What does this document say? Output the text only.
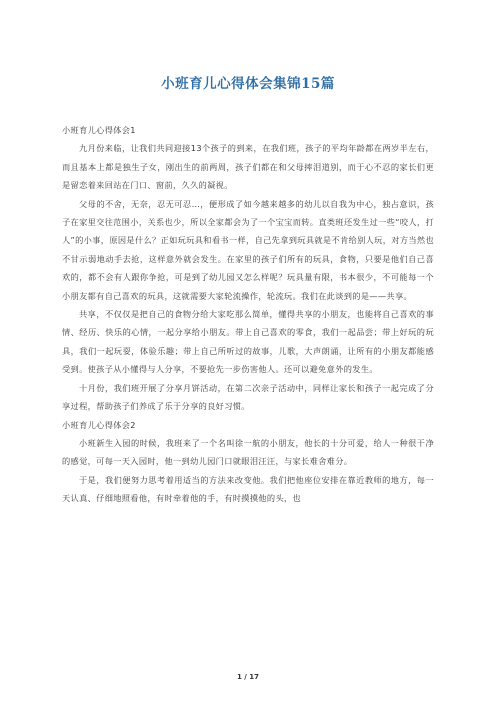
小班育儿心得体会集锦15篇

小班育儿心得体会1

九月份来临，让我们共同迎接13个孩子的到来，在我们班，孩子的平均年龄都在两岁半左右，而且基本上都是独生子女，刚出生的前两周，孩子们都在和父母摔泪道别，而于心不忍的家长们更是留恋着来回站在门口、窗前，久久的凝视。

父母的不舍，无奈，忍无可忍…，便形成了如今越来越多的幼儿以自我为中心，独占意识，孩子在家里交往范围小，关系也少，所以全家都会为了一个宝宝而转。直类班还发生过一些“咬人，打人”的小事，原因是什么？正如玩玩具和看书一样，自己先拿到玩具就是不肯给别人玩，对方当然也不甘示弱地动手去抢，这样意外就会发生。在家里的孩子们所有的玩具，食物，只要是他们自己喜欢的，都不会有人跟你争抢，可是到了幼儿园又怎么样呢？玩具量有限，书本很少，不可能每一个小朋友都有自己喜欢的玩具，这就需要大家轮流操作，轮流玩。我们在此谈到的是——共享。

共享，不仅仅是把自己的食物分给大家吃那么简单，懂得共享的小朋友，也能将自己喜欢的事情、经历、快乐的心情，一起分享给小朋友。带上自己喜欢的零食，我们一起品尝；带上好玩的玩具，我们一起玩耍，体验乐趣；带上自己所听过的故事，儿歌，大声朗诵，让所有的小朋友都能感受到。使孩子从小懂得与人分享，不要抢先一步伤害他人。还可以避免意外的发生。

十月份，我们班开展了分享月饼活动，在第二次亲子活动中，同样让家长和孩子一起完成了分享过程，帮助孩子们养成了乐于分享的良好习惯。

小班育儿心得体会2

小班新生入园的时候，我班来了一个名叫徐一航的小朋友，他长的十分可爱，给人一种很干净的感觉，可每一天入园时，他一到幼儿园门口就眼泪汪汪，与家长难舍难分。

于是，我们便努力思考着用适当的方法来改变他。我们把他座位安排在靠近教师的地方，每一天认真、仔细地照看他，有时牵着他的手，有时摸摸他的头，也

1 / 17
